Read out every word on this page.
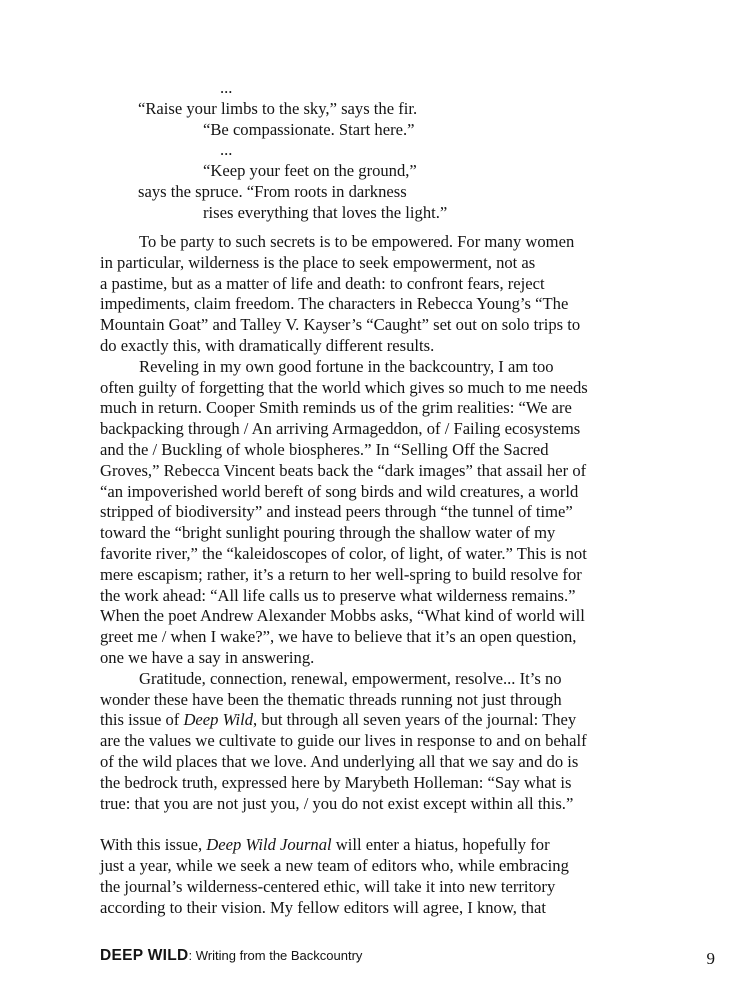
...
“Raise your limbs to the sky,” says the fir.
“Be compassionate. Start here.”
...
“Keep your feet on the ground,”
says the spruce. “From roots in darkness
rises everything that loves the light.”

To be party to such secrets is to be empowered. For many women
in particular, wilderness is the place to seek empowerment, not as
a pastime, but as a matter of life and death: to confront fears, reject
impediments, claim freedom. The characters in Rebecca Young’s “The
Mountain Goat” and Talley V. Kayser’s “Caught” set out on solo trips to
do exactly this, with dramatically different results.

Reveling in my own good fortune in the backcountry, I am too
often guilty of forgetting that the world which gives so much to me needs
much in return. Cooper Smith reminds us of the grim realities: “We are
backpacking through / An arriving Armageddon, of / Failing ecosystems
and the / Buckling of whole biospheres.” In “Selling Off the Sacred
Groves,” Rebecca Vincent beats back the “dark images” that assail her of
“an impoverished world bereft of song birds and wild creatures, a world
stripped of biodiversity” and instead peers through “the tunnel of time”
toward the “bright sunlight pouring through the shallow water of my
favorite river,” the “kaleidoscopes of color, of light, of water.” This is not
mere escapism; rather, it’s a return to her well-spring to build resolve for
the work ahead: “All life calls us to preserve what wilderness remains.”
When the poet Andrew Alexander Mobbs asks, “What kind of world will
greet me / when I wake?”, we have to believe that it’s an open question,
one we have a say in answering.

Gratitude, connection, renewal, empowerment, resolve... It’s no
wonder these have been the thematic threads running not just through
this issue of Deep Wild, but through all seven years of the journal: They
are the values we cultivate to guide our lives in response to and on behalf
of the wild places that we love. And underlying all that we say and do is
the bedrock truth, expressed here by Marybeth Holleman: “Say what is
true: that you are not just you, / you do not exist except within all this.”

With this issue, Deep Wild Journal will enter a hiatus, hopefully for
just a year, while we seek a new team of editors who, while embracing
the journal’s wilderness-centered ethic, will take it into new territory
according to their vision. My fellow editors will agree, I know, that

DEEP WILD: Writing from the Backcountry	9
